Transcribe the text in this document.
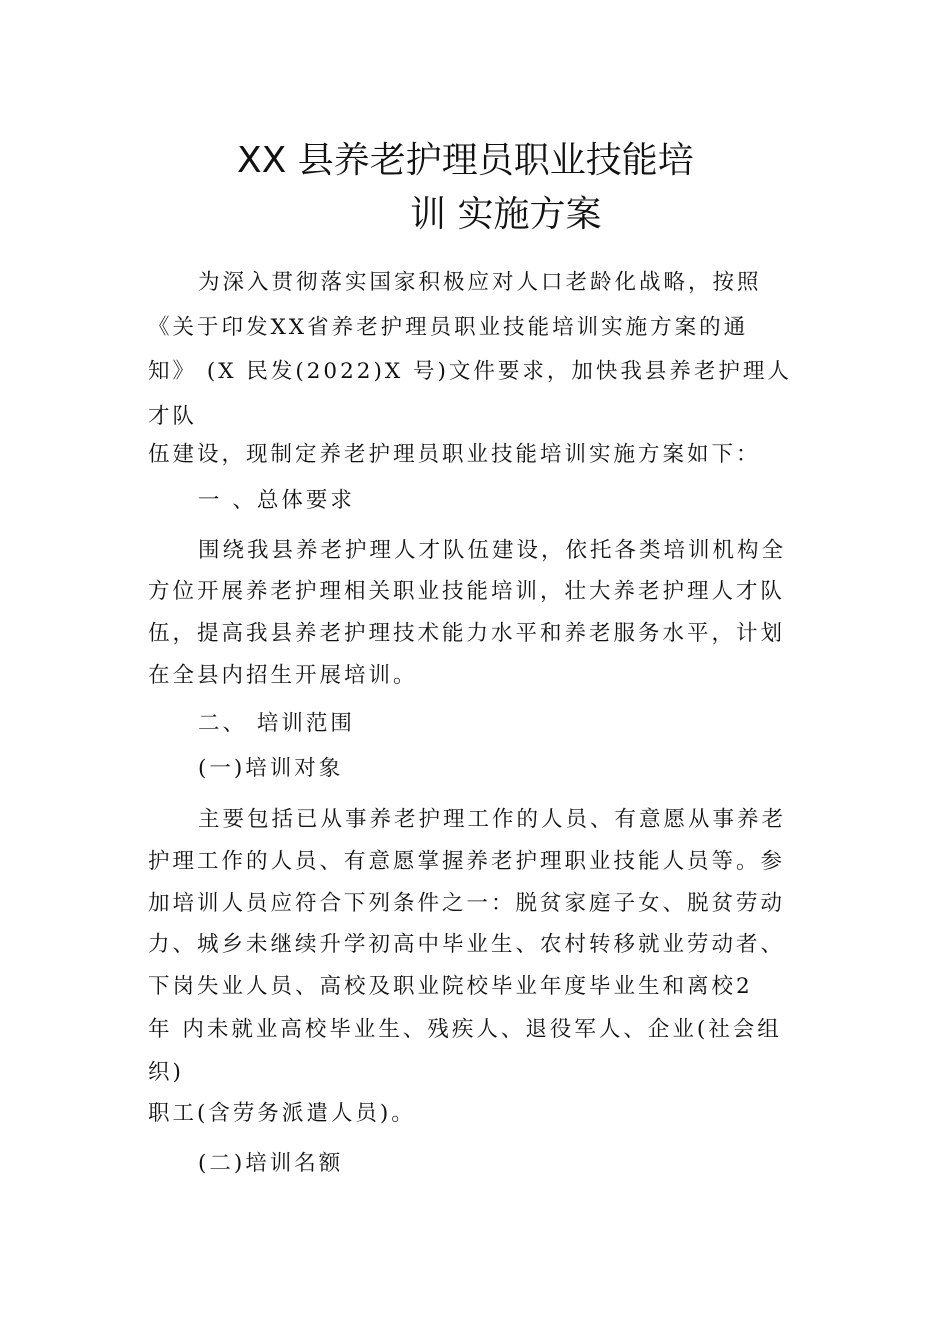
XX 县养老护理员职业技能培
训 实施方案
为深入贯彻落实国家积极应对人口老龄化战略，按照
《关于印发XX省养老护理员职业技能培训实施方案的通
知》 (X 民发(2022)X 号)文件要求，加快我县养老护理人
才队
伍建设，现制定养老护理员职业技能培训实施方案如下：
一 、总体要求
围绕我县养老护理人才队伍建设，依托各类培训机构全
方位开展养老护理相关职业技能培训，壮大养老护理人才队
伍，提高我县养老护理技术能力水平和养老服务水平，计划
在全县内招生开展培训。
二、 培训范围
(一)培训对象
主要包括已从事养老护理工作的人员、有意愿从事养老
护理工作的人员、有意愿掌握养老护理职业技能人员等。参
加培训人员应符合下列条件之一：脱贫家庭子女、脱贫劳动
力、城乡未继续升学初高中毕业生、农村转移就业劳动者、
下岗失业人员、高校及职业院校毕业年度毕业生和离校2
年 内未就业高校毕业生、残疾人、退役军人、企业(社会组
织)
职工(含劳务派遣人员)。
(二)培训名额
